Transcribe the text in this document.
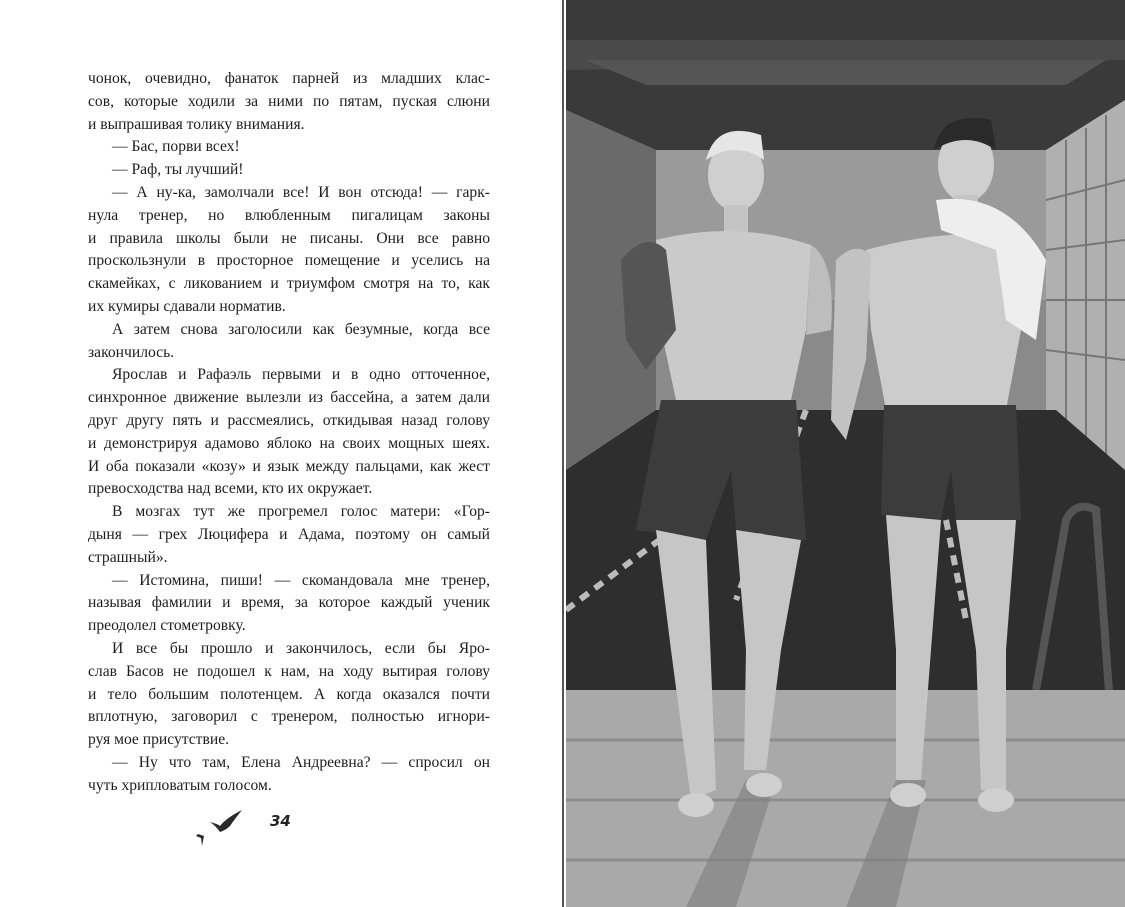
чонок, очевидно, фанаток парней из младших клас-
сов, которые ходили за ними по пятам, пуская слюни
и выпрашивая толику внимания.
— Бас, порви всех!
— Раф, ты лучший!
— А ну-ка, замолчали все! И вон отсюда! — гарк-
нула тренер, но влюбленным пигалицам законы
и правила школы были не писаны. Они все равно
проскользнули в просторное помещение и уселись на
скамейках, с ликованием и триумфом смотря на то, как
их кумиры сдавали норматив.
А затем снова заголосили как безумные, когда все
закончилось.
Ярослав и Рафаэль первыми и в одно отточенное,
синхронное движение вылезли из бассейна, а затем дали
друг другу пять и рассмеялись, откидывая назад голову
и демонстрируя адамово яблоко на своих мощных шеях.
И оба показали «козу» и язык между пальцами, как жест
превосходства над всеми, кто их окружает.
В мозгах тут же прогремел голос матери: «Гор-
дыня — грех Люцифера и Адама, поэтому он самый
страшный».
— Истомина, пиши! — скомандовала мне тренер,
называя фамилии и время, за которое каждый ученик
преодолел стометровку.
И все бы прошло и закончилось, если бы Яро-
слав Басов не подошел к нам, на ходу вытирая голову
и тело большим полотенцем. А когда оказался почти
вплотную, заговорил с тренером, полностью игнори-
руя мое присутствие.
— Ну что там, Елена Андреевна? — спросил он
чуть хрипловатым голосом.
34
